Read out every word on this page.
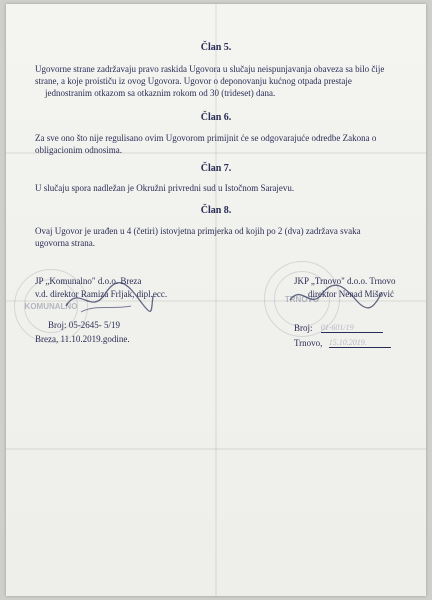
Član 5.
Ugovorne strane zadržavaju pravo raskida Ugovora u slučaju neispunjavanja obaveza sa bilo čije
strane, a koje proističu iz ovog Ugovora. Ugovor o deponovanju kućnog otpada prestaje
jednostranim otkazom sa otkaznim rokom od 30 (trideset) dana.
Član 6.
Za sve ono što nije regulisano ovim Ugovorom primijnit će se odgovarajuće odredbe Zakona o
obligacionim odnosima.
Član 7.
U slučaju spora nadležan je Okružni privredni sud u Istočnom Sarajevu.
Član 8.
Ovaj Ugovor je urađen u 4 (četiri) istovjetna primjerka od kojih po 2 (dva) zadržava svaka
ugovorna strana.
KOMUNALNO
JP „Komunalno" d.o.o. Breza
v.d. direktor Ramiza Frljak, dipl.ecc.
Broj: 05-2645- 5/19
Breza, 11.10.2019.godine.
TRNOVO
JKP „Trnovo" d.o.o. Trnovo
direktor Nenad Mišović
Broj: 01-601/19
Trnovo, 15.10.2019.
